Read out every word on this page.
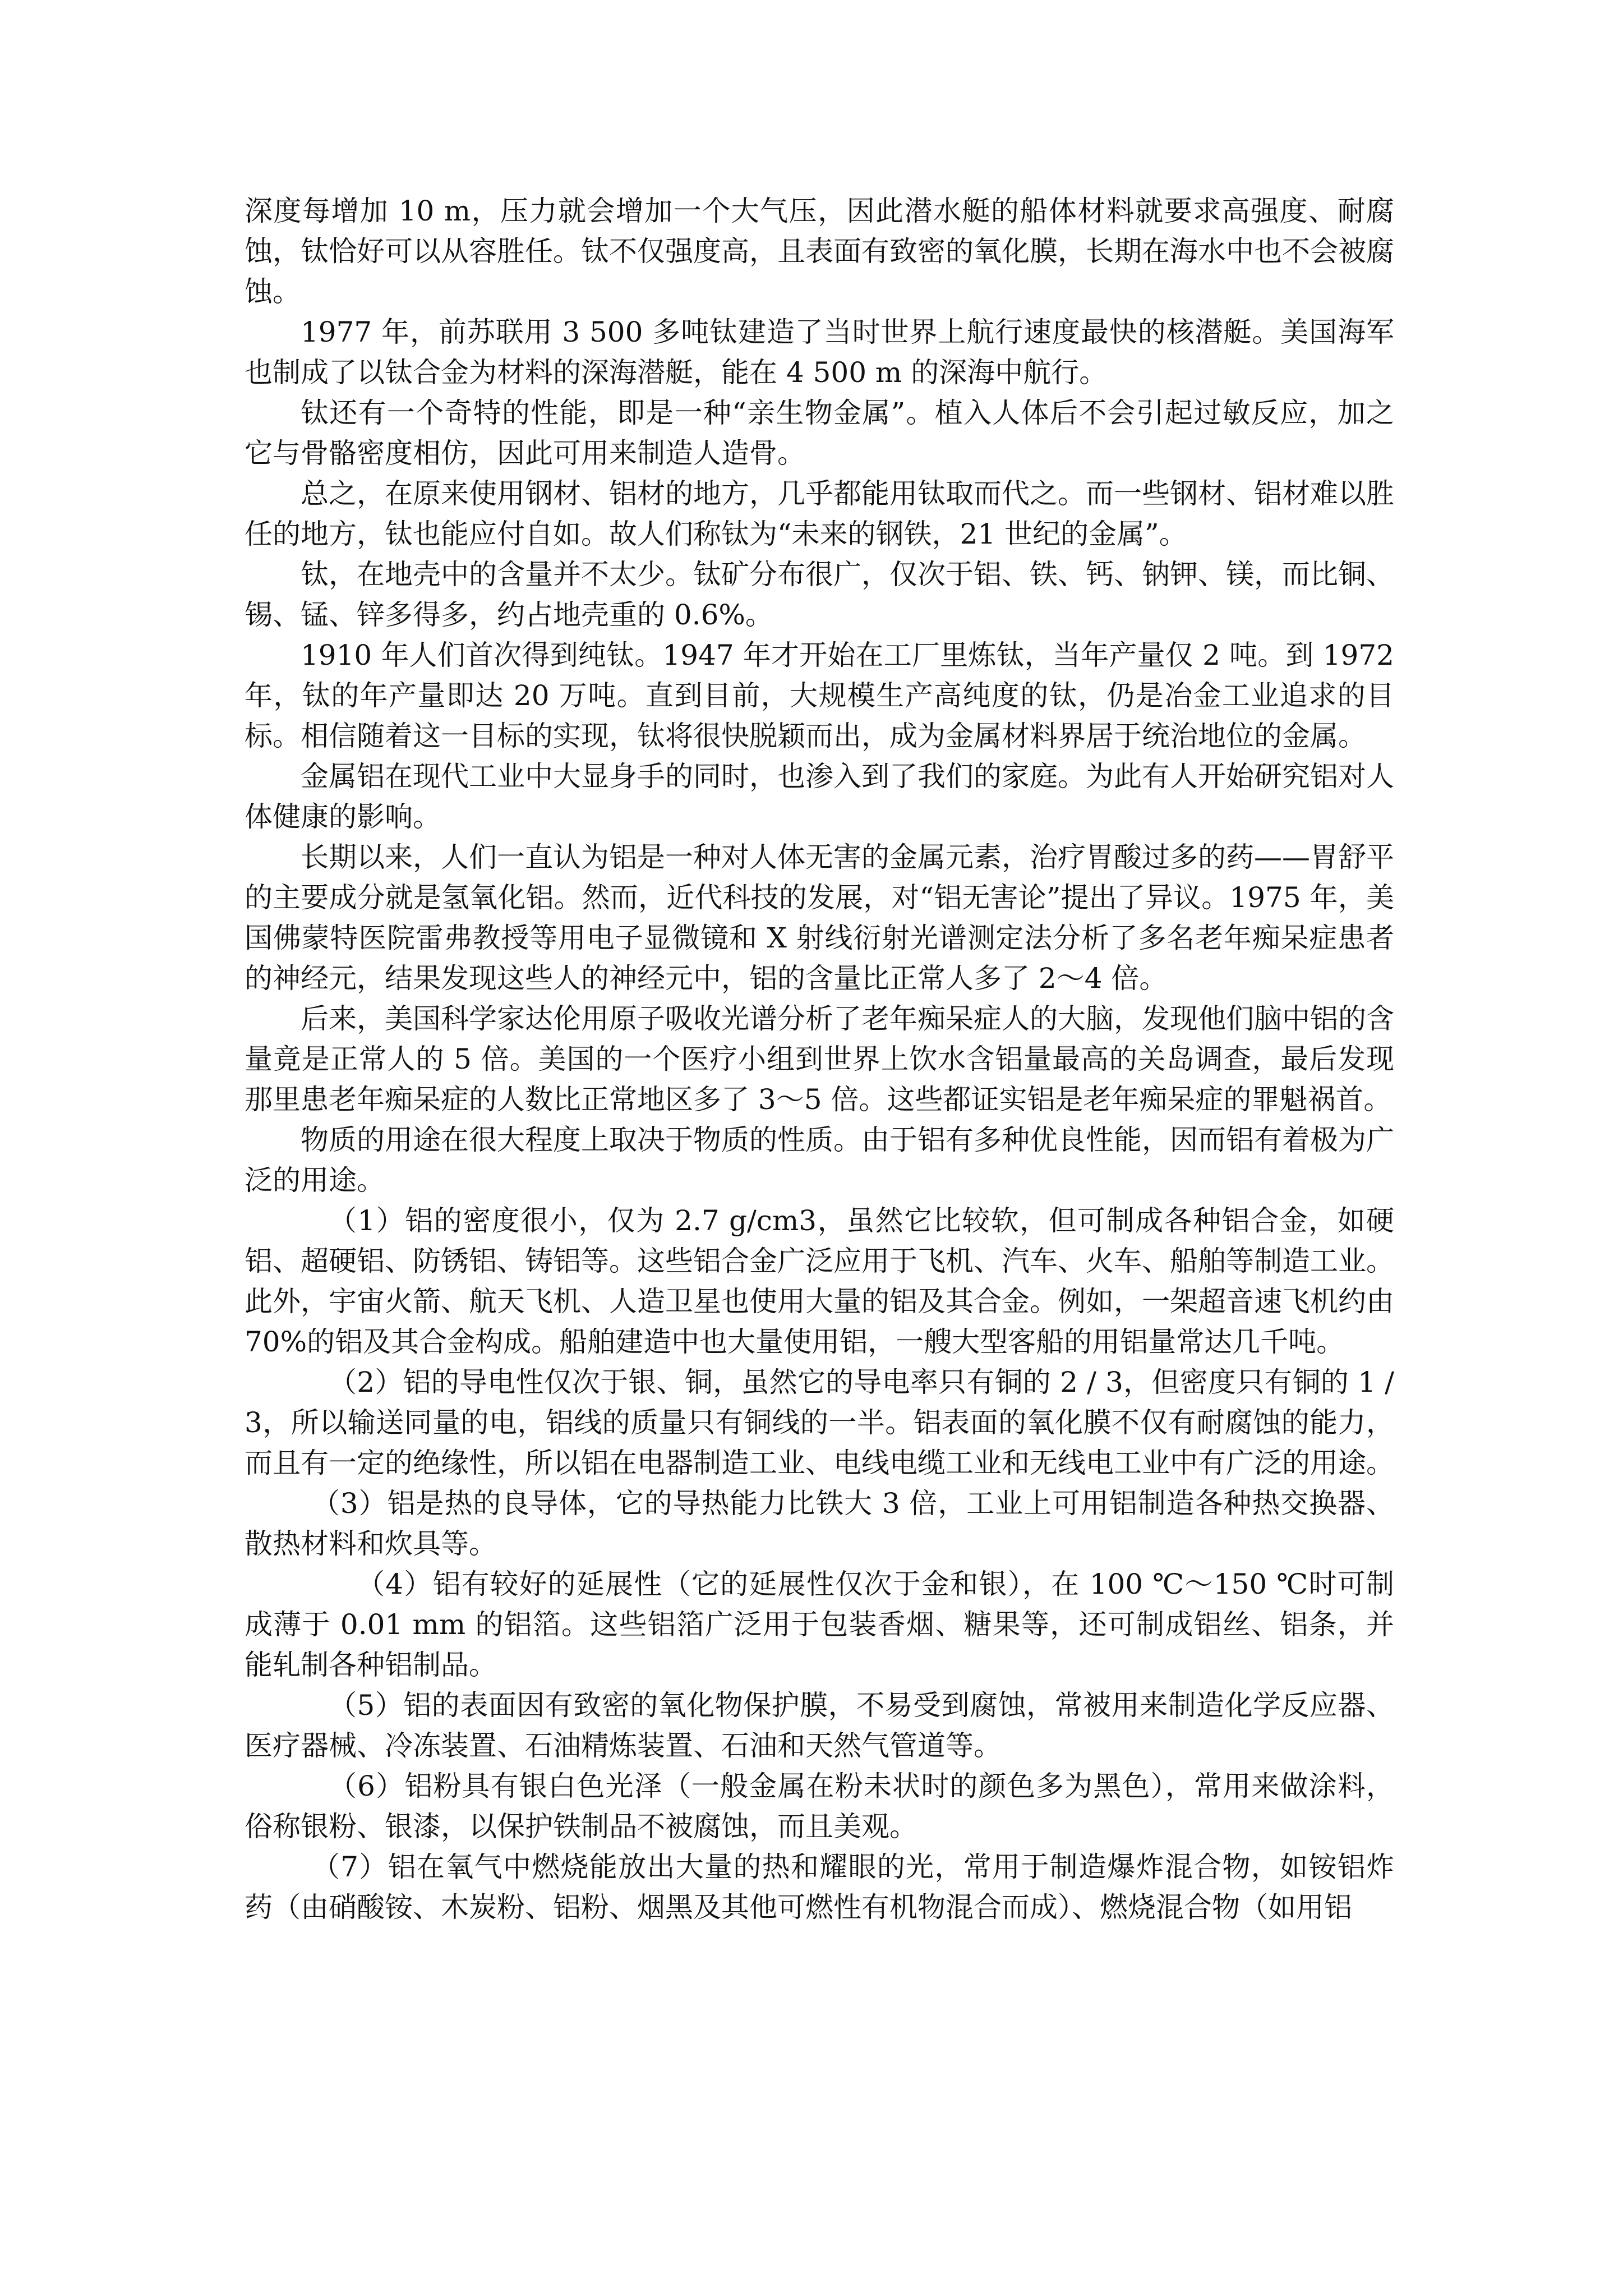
深度每增加 10 m，压力就会增加一个大气压，因此潜水艇的船体材料就要求高强度、耐腐蚀，钛恰好可以从容胜任。钛不仅强度高，且表面有致密的氧化膜，长期在海水中也不会被腐蚀。

1977 年，前苏联用 3 500 多吨钛建造了当时世界上航行速度最快的核潜艇。美国海军也制成了以钛合金为材料的深海潜艇，能在 4 500 m 的深海中航行。

钛还有一个奇特的性能，即是一种“亲生物金属”。植入人体后不会引起过敏反应，加之它与骨骼密度相仿，因此可用来制造人造骨。

总之，在原来使用钢材、铝材的地方，几乎都能用钛取而代之。而一些钢材、铝材难以胜任的地方，钛也能应付自如。故人们称钛为“未来的钢铁，21 世纪的金属”。

钛，在地壳中的含量并不太少。钛矿分布很广，仅次于铝、铁、钙、钠钾、镁，而比铜、锡、锰、锌多得多，约占地壳重的 0.6%。

1910 年人们首次得到纯钛。1947 年才开始在工厂里炼钛，当年产量仅 2 吨。到 1972 年，钛的年产量即达 20 万吨。直到目前，大规模生产高纯度的钛，仍是冶金工业追求的目标。相信随着这一目标的实现，钛将很快脱颖而出，成为金属材料界居于统治地位的金属。

金属铝在现代工业中大显身手的同时，也渗入到了我们的家庭。为此有人开始研究铝对人体健康的影响。

长期以来，人们一直认为铝是一种对人体无害的金属元素，治疗胃酸过多的药——胃舒平的主要成分就是氢氧化铝。然而，近代科技的发展，对“铝无害论”提出了异议。1975 年，美国佛蒙特医院雷弗教授等用电子显微镜和 X 射线衍射光谱测定法分析了多名老年痴呆症患者的神经元，结果发现这些人的神经元中，铝的含量比正常人多了 2～4 倍。

后来，美国科学家达伦用原子吸收光谱分析了老年痴呆症人的大脑，发现他们脑中铝的含量竟是正常人的 5 倍。美国的一个医疗小组到世界上饮水含铝量最高的关岛调查，最后发现那里患老年痴呆症的人数比正常地区多了 3～5 倍。这些都证实铝是老年痴呆症的罪魁祸首。

物质的用途在很大程度上取决于物质的性质。由于铝有多种优良性能，因而铝有着极为广泛的用途。

（1）铝的密度很小，仅为 2.7 g/cm3，虽然它比较软，但可制成各种铝合金，如硬铝、超硬铝、防锈铝、铸铝等。这些铝合金广泛应用于飞机、汽车、火车、船舶等制造工业。此外，宇宙火箭、航天飞机、人造卫星也使用大量的铝及其合金。例如，一架超音速飞机约由 70%的铝及其合金构成。船舶建造中也大量使用铝，一艘大型客船的用铝量常达几千吨。

（2）铝的导电性仅次于银、铜，虽然它的导电率只有铜的 2 / 3，但密度只有铜的 1 / 3，所以输送同量的电，铝线的质量只有铜线的一半。铝表面的氧化膜不仅有耐腐蚀的能力，而且有一定的绝缘性，所以铝在电器制造工业、电线电缆工业和无线电工业中有广泛的用途。

（3）铝是热的良导体，它的导热能力比铁大 3 倍，工业上可用铝制造各种热交换器、散热材料和炊具等。

（4）铝有较好的延展性（它的延展性仅次于金和银），在 100 ℃～150 ℃时可制成薄于 0.01 mm 的铝箔。这些铝箔广泛用于包装香烟、糖果等，还可制成铝丝、铝条，并能轧制各种铝制品。

（5）铝的表面因有致密的氧化物保护膜，不易受到腐蚀，常被用来制造化学反应器、医疗器械、冷冻装置、石油精炼装置、石油和天然气管道等。

（6）铝粉具有银白色光泽（一般金属在粉未状时的颜色多为黑色），常用来做涂料，俗称银粉、银漆，以保护铁制品不被腐蚀，而且美观。

（7）铝在氧气中燃烧能放出大量的热和耀眼的光，常用于制造爆炸混合物，如铵铝炸药（由硝酸铵、木炭粉、铝粉、烟黑及其他可燃性有机物混合而成）、燃烧混合物（如用铝
